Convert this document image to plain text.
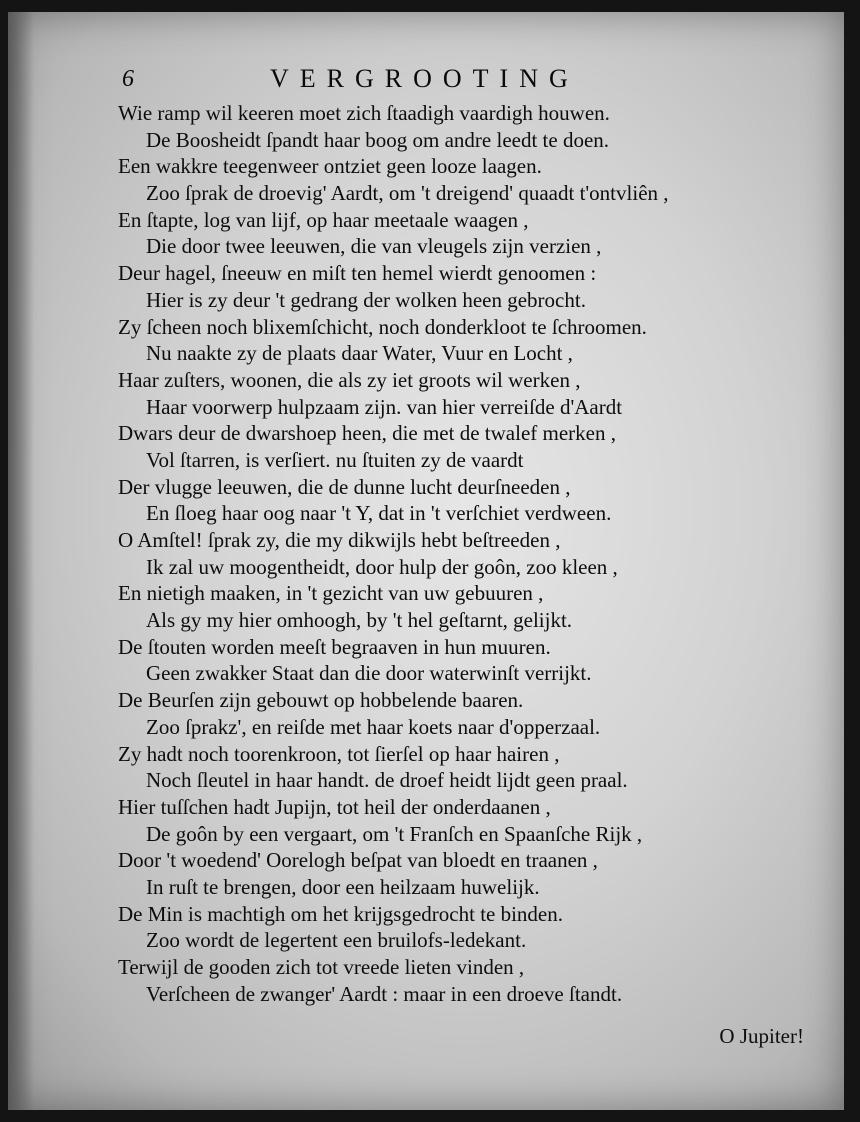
6	VERGROOTING
Wie ramp wil keeren moet zich ſtaadigh vaardigh houwen.
De Boosheidt ſpandt haar boog om andre leedt te doen.
Een wakkre teegenweer ontziet geen looze laagen.
Zoo ſprak de droevig' Aardt, om 't dreigend' quaadt t'ontvliên ,
En ſtapte, log van lijf, op haar meetaale waagen ,
Die door twee leeuwen, die van vleugels zijn verzien ,
Deur hagel, ſneeuw en miſt ten hemel wierdt genoomen :
Hier is zy deur 't gedrang der wolken heen gebrocht.
Zy ſcheen noch blixemſchicht, noch donderkloot te ſchroomen.
Nu naakte zy de plaats daar Water, Vuur en Locht ,
Haar zuſters, woonen, die als zy iet groots wil werken ,
Haar voorwerp hulpzaam zijn. van hier verreiſde d'Aardt
Dwars deur de dwarshoep heen, die met de twalef merken ,
Vol ſtarren, is verſiert. nu ſtuiten zy de vaardt
Der vlugge leeuwen, die de dunne lucht deurſneeden ,
En ſloeg haar oog naar 't Y, dat in 't verſchiet verdween.
O Amſtel! ſprak zy, die my dikwijls hebt beſtreeden ,
Ik zal uw moogentheidt, door hulp der goôn, zoo kleen ,
En nietigh maaken, in 't gezicht van uw gebuuren ,
Als gy my hier omhoogh, by 't hel geſtarnt, gelijkt.
De ſtouten worden meeſt begraaven in hun muuren.
Geen zwakker Staat dan die door waterwinſt verrijkt.
De Beurſen zijn gebouwt op hobbelende baaren.
Zoo ſprakz', en reiſde met haar koets naar d'opperzaal.
Zy hadt noch toorenkroon, tot ſierſel op haar hairen ,
Noch ſleutel in haar handt. de droef heidt lijdt geen praal.
Hier tuſſchen hadt Jupijn, tot heil der onderdaanen ,
De goôn by een vergaart, om 't Franſch en Spaanſche Rijk ,
Door 't woedend' Oorelogh beſpat van bloedt en traanen ,
In ruſt te brengen, door een heilzaam huwelijk.
De Min is machtigh om het krijgsgedrocht te binden.
Zoo wordt de legertent een bruilofs-ledekant.
Terwijl de gooden zich tot vreede lieten vinden ,
Verſcheen de zwanger' Aardt : maar in een droeve ſtandt.
O Jupiter!
